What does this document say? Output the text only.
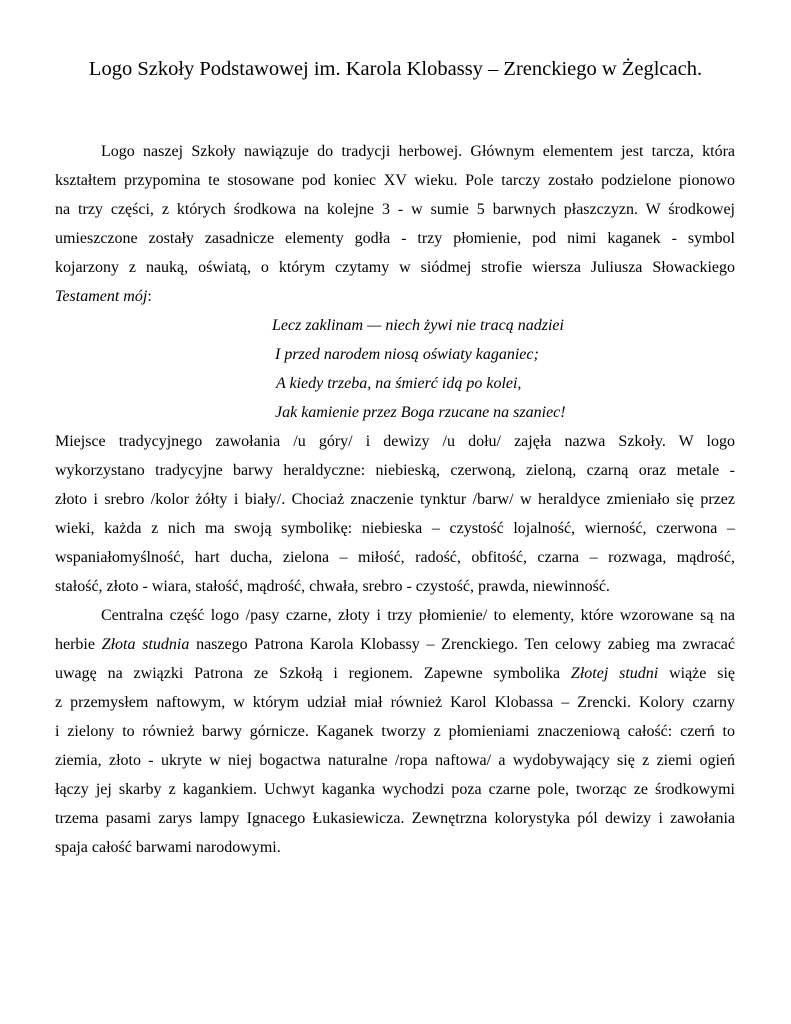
Logo Szkoły Podstawowej im. Karola Klobassy – Zrenckiego w Żeglcach.
Logo naszej Szkoły nawiązuje do tradycji herbowej. Głównym elementem jest tarcza, która
kształtem przypomina te stosowane pod koniec XV wieku. Pole tarczy zostało podzielone pionowo
na trzy części, z których środkowa na kolejne 3 - w sumie 5 barwnych płaszczyzn. W środkowej
umieszczone zostały zasadnicze elementy godła - trzy płomienie, pod nimi kaganek - symbol
kojarzony z nauką, oświatą, o którym czytamy w siódmej strofie wiersza Juliusza Słowackiego
Testament mój:
Lecz zaklinam — niech żywi nie tracą nadziei
I przed narodem niosą oświaty kaganiec;
A kiedy trzeba, na śmierć idą po kolei,
Jak kamienie przez Boga rzucane na szaniec!
Miejsce tradycyjnego zawołania /u góry/ i dewizy /u dołu/ zajęła nazwa Szkoły. W logo
wykorzystano tradycyjne barwy heraldyczne: niebieską, czerwoną, zieloną, czarną oraz metale -
złoto i srebro /kolor żółty i biały/. Chociaż znaczenie tynktur /barw/ w heraldyce zmieniało się przez
wieki, każda z nich ma swoją symbolikę: niebieska – czystość lojalność, wierność, czerwona –
wspaniałomyślność, hart ducha, zielona – miłość, radość, obfitość, czarna – rozwaga, mądrość,
stałość, złoto - wiara, stałość, mądrość, chwała, srebro - czystość, prawda, niewinność.
Centralna część logo /pasy czarne, złoty i trzy płomienie/ to elementy, które wzorowane są na
herbie Złota studnia naszego Patrona Karola Klobassy – Zrenckiego. Ten celowy zabieg ma zwracać
uwagę na związki Patrona ze Szkołą i regionem. Zapewne symbolika Złotej studni wiąże się
z przemysłem naftowym, w którym udział miał również Karol Klobassa – Zrencki. Kolory czarny
i zielony to również barwy górnicze. Kaganek tworzy z płomieniami znaczeniową całość: czerń to
ziemia, złoto - ukryte w niej bogactwa naturalne /ropa naftowa/ a wydobywający się z ziemi ogień
łączy jej skarby z kagankiem. Uchwyt kaganka wychodzi poza czarne pole, tworząc ze środkowymi
trzema pasami zarys lampy Ignacego Łukasiewicza. Zewnętrzna kolorystyka pól dewizy i zawołania
spaja całość barwami narodowymi.
